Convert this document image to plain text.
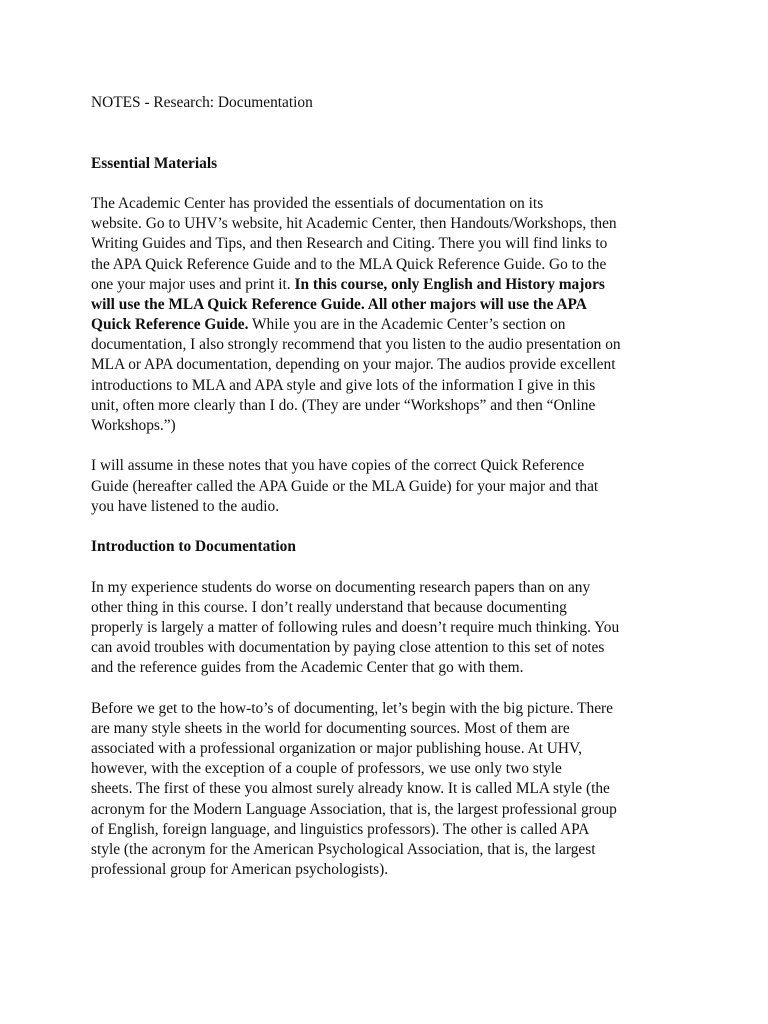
NOTES - Research: Documentation
Essential Materials
The Academic Center has provided the essentials of documentation on its
website. Go to UHV’s website, hit Academic Center, then Handouts/Workshops, then
Writing Guides and Tips, and then Research and Citing. There you will find links to
the APA Quick Reference Guide and to the MLA Quick Reference Guide. Go to the
one your major uses and print it. In this course, only English and History majors
will use the MLA Quick Reference Guide. All other majors will use the APA
Quick Reference Guide. While you are in the Academic Center’s section on
documentation, I also strongly recommend that you listen to the audio presentation on
MLA or APA documentation, depending on your major. The audios provide excellent
introductions to MLA and APA style and give lots of the information I give in this
unit, often more clearly than I do. (They are under “Workshops” and then “Online
Workshops.”)
I will assume in these notes that you have copies of the correct Quick Reference
Guide (hereafter called the APA Guide or the MLA Guide) for your major and that
you have listened to the audio.
Introduction to Documentation
In my experience students do worse on documenting research papers than on any
other thing in this course. I don’t really understand that because documenting
properly is largely a matter of following rules and doesn’t require much thinking. You
can avoid troubles with documentation by paying close attention to this set of notes
and the reference guides from the Academic Center that go with them.
Before we get to the how-to’s of documenting, let’s begin with the big picture. There
are many style sheets in the world for documenting sources. Most of them are
associated with a professional organization or major publishing house. At UHV,
however, with the exception of a couple of professors, we use only two style
sheets. The first of these you almost surely already know. It is called MLA style (the
acronym for the Modern Language Association, that is, the largest professional group
of English, foreign language, and linguistics professors). The other is called APA
style (the acronym for the American Psychological Association, that is, the largest
professional group for American psychologists).
